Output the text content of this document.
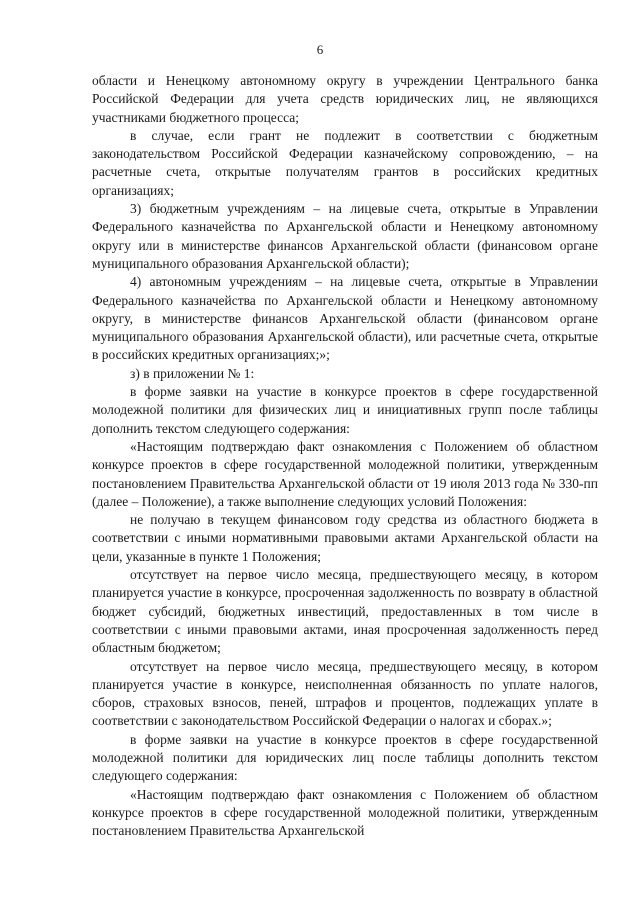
6

области и Ненецкому автономному округу в учреждении Центрального банка Российской Федерации для учета средств юридических лиц, не являющихся участниками бюджетного процесса;

в случае, если грант не подлежит в соответствии с бюджетным законодательством Российской Федерации казначейскому сопровождению, – на расчетные счета, открытые получателям грантов в российских кредитных организациях;

3) бюджетным учреждениям – на лицевые счета, открытые в Управлении Федерального казначейства по Архангельской области и Ненецкому автономному округу или в министерстве финансов Архангельской области (финансовом органе муниципального образования Архангельской области);

4) автономным учреждениям – на лицевые счета, открытые в Управлении Федерального казначейства по Архангельской области и Ненецкому автономному округу, в министерстве финансов Архангельской области (финансовом органе муниципального образования Архангельской области), или расчетные счета, открытые в российских кредитных организациях;»;

з) в приложении № 1:

в форме заявки на участие в конкурсе проектов в сфере государственной молодежной политики для физических лиц и инициативных групп после таблицы дополнить текстом следующего содержания:

«Настоящим подтверждаю факт ознакомления с Положением об областном конкурсе проектов в сфере государственной молодежной политики, утвержденным постановлением Правительства Архангельской области от 19 июля 2013 года № 330-пп (далее – Положение), а также выполнение следующих условий Положения:

не получаю в текущем финансовом году средства из областного бюджета в соответствии с иными нормативными правовыми актами Архангельской области на цели, указанные в пункте 1 Положения;

отсутствует на первое число месяца, предшествующего месяцу, в котором планируется участие в конкурсе, просроченная задолженность по возврату в областной бюджет субсидий, бюджетных инвестиций, предоставленных в том числе в соответствии с иными правовыми актами, иная просроченная задолженность перед областным бюджетом;

отсутствует на первое число месяца, предшествующего месяцу, в котором планируется участие в конкурсе, неисполненная обязанность по уплате налогов, сборов, страховых взносов, пеней, штрафов и процентов, подлежащих уплате в соответствии с законодательством Российской Федерации о налогах и сборах.»;

в форме заявки на участие в конкурсе проектов в сфере государственной молодежной политики для юридических лиц после таблицы дополнить текстом следующего содержания:

«Настоящим подтверждаю факт ознакомления с Положением об областном конкурсе проектов в сфере государственной молодежной политики, утвержденным постановлением Правительства Архангельской
